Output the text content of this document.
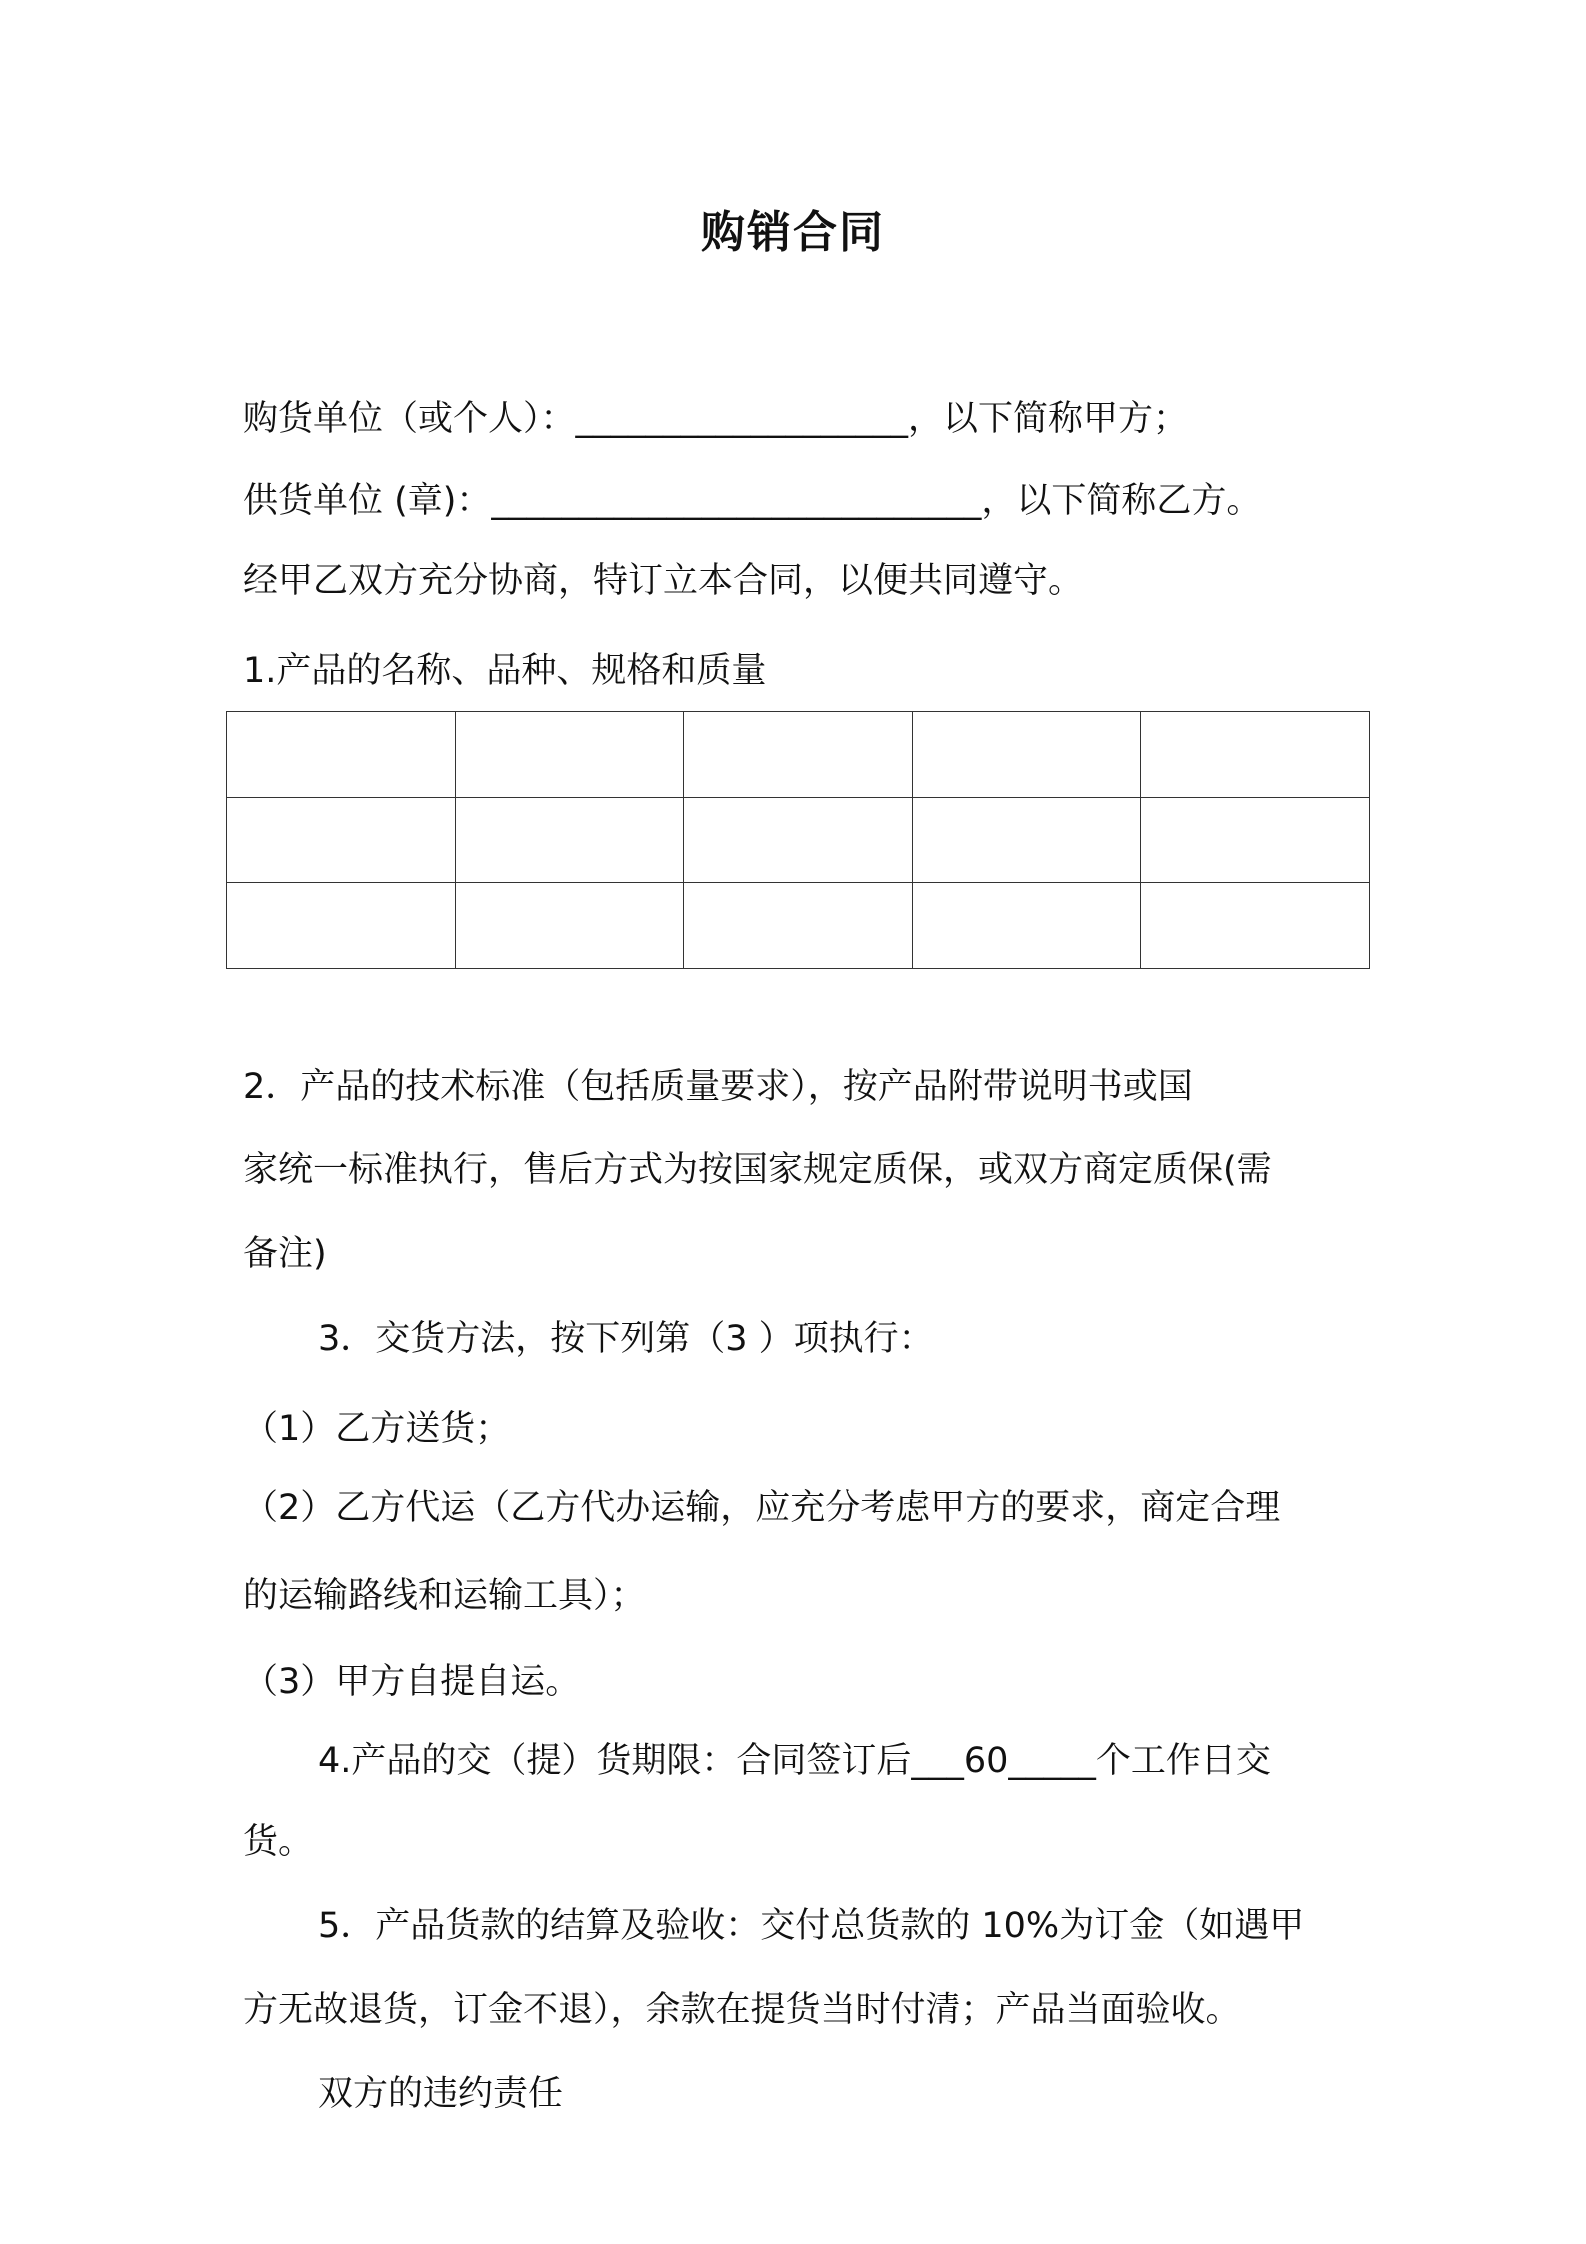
购销合同
购货单位（或个人）：___________________，以下简称甲方；
供货单位 (章)：____________________________，以下简称乙方。
经甲乙双方充分协商，特订立本合同，以便共同遵守。
1.产品的名称、品种、规格和质量

2．产品的技术标准（包括质量要求），按产品附带说明书或国
家统一标准执行，售后方式为按国家规定质保，或双方商定质保(需
备注)
3．交货方法，按下列第（3 ）项执行：
（1）乙方送货；
（2）乙方代运（乙方代办运输，应充分考虑甲方的要求，商定合理
的运输路线和运输工具）；
（3）甲方自提自运。
4.产品的交（提）货期限：合同签订后___60_____个工作日交
货。
5．产品货款的结算及验收：交付总货款的 10%为订金（如遇甲
方无故退货，订金不退），余款在提货当时付清；产品当面验收。
双方的违约责任
